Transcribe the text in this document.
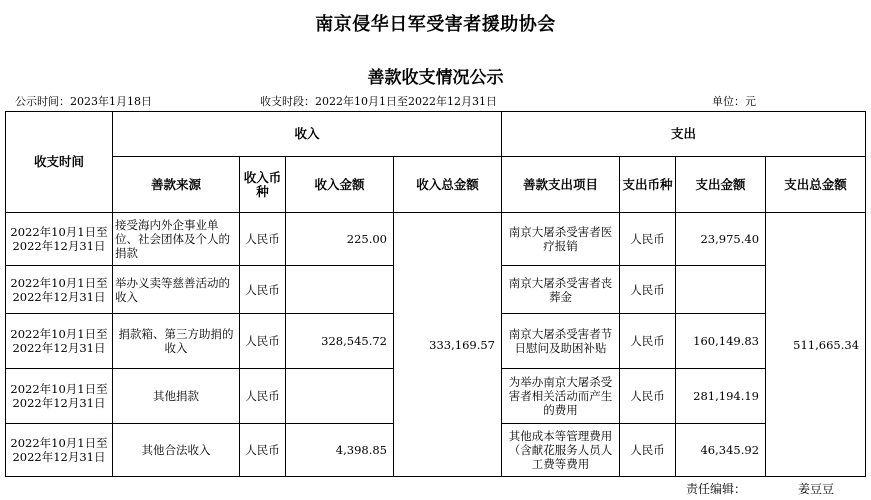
南京侵华日军受害者援助协会
善款收支情况公示
公示时间：2023年1月18日	收支时段：2022年10月1日至2022年12月31日	单位：元
收支时间	收入				支出			
	善款来源	收入币种	收入金额	收入总金额	善款支出项目	支出币种	支出金额	支出总金额
2022年10月1日至2022年12月31日	接受海内外企事业单位、社会团体及个人的捐款	人民币	225.00	333,169.57	南京大屠杀受害者医疗报销	人民币	23,975.40	511,665.34
2022年10月1日至2022年12月31日	举办义卖等慈善活动的收入	人民币			南京大屠杀受害者丧葬金	人民币		
2022年10月1日至2022年12月31日	捐款箱、第三方助捐的收入	人民币	328,545.72		南京大屠杀受害者节日慰问及助困补贴	人民币	160,149.83	
2022年10月1日至2022年12月31日	其他捐款	人民币			为举办南京大屠杀受害者相关活动而产生的费用	人民币	281,194.19	
2022年10月1日至2022年12月31日	其他合法收入	人民币	4,398.85		其他成本等管理费用 （含献花服务人员人工费等费用	人民币	46,345.92	
责任编辑：	姜豆豆
